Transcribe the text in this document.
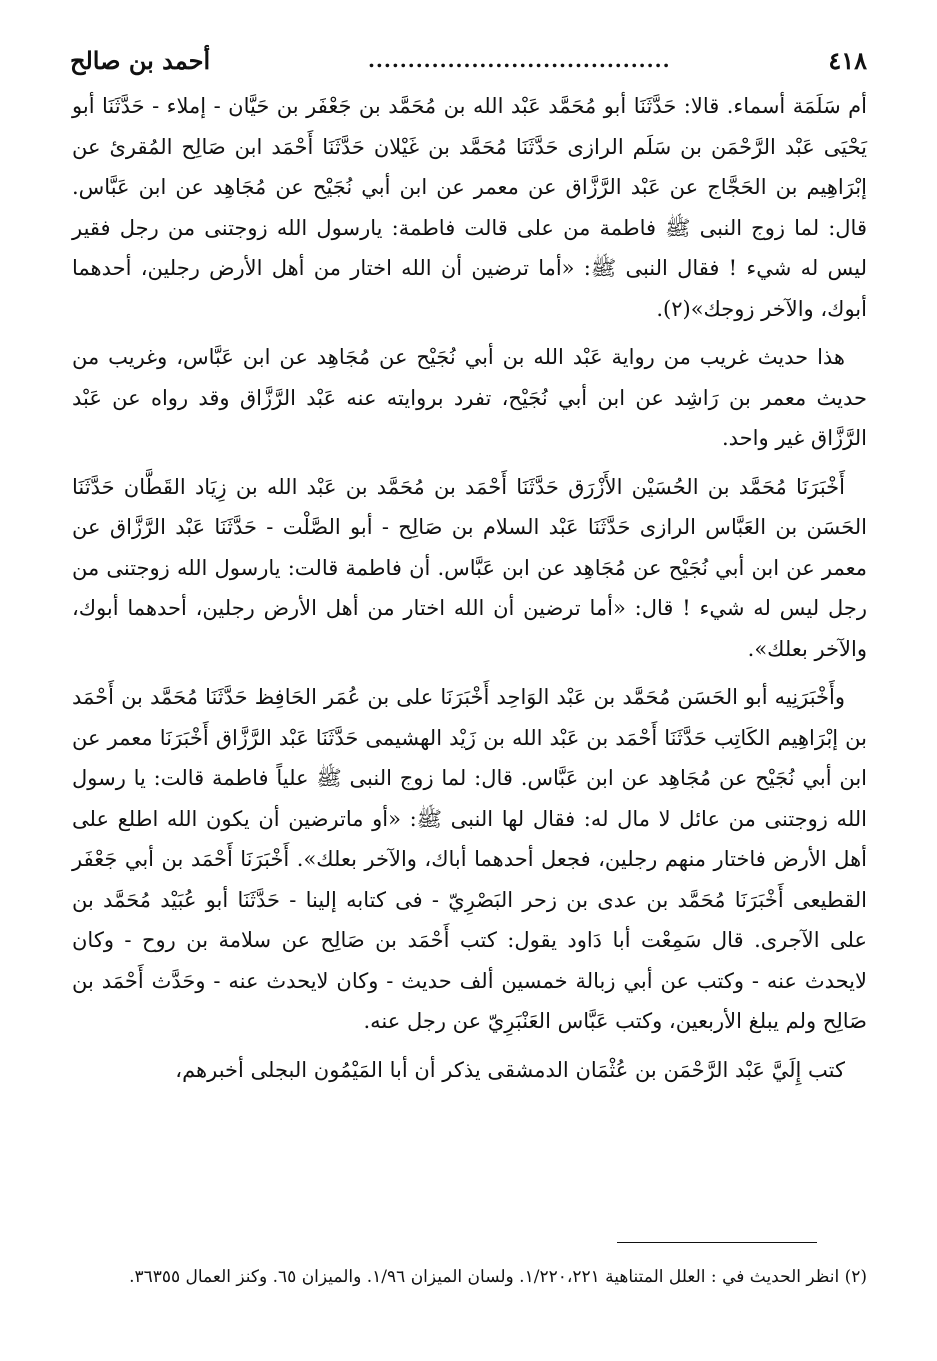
٤١٨
......................................
أحمد بن صالح

أم سَلَمَة أسماء. قالا: حَدَّثَنَا أبو مُحَمَّد عَبْد الله بن مُحَمَّد بن جَعْفَر بن حَيَّان - إملاء - حَدَّثَنَا أبو يَحْيَى عَبْد الرَّحْمَن بن سَلَم الرازى حَدَّثَنَا مُحَمَّد بن غَيْلان حَدَّثَنَا أَحْمَد ابن صَالِح المُقرئ عن إبْرَاهِيم بن الحَجَّاج عن عَبْد الرَّزَّاق عن معمر عن ابن أبي نُجَيْح عن مُجَاهِد عن ابن عَبَّاس. قال: لما زوج النبى ﷺ فاطمة من على قالت فاطمة: يارسول الله زوجتنى من رجل فقير ليس له شيء ! فقال النبى ﷺ: «أما ترضين أن الله اختار من أهل الأرض رجلين، أحدهما أبوك، والآخر زوجك»(٢).

هذا حديث غريب من رواية عَبْد الله بن أبي نُجَيْح عن مُجَاهِد عن ابن عَبَّاس، وغريب من حديث معمر بن رَاشِد عن ابن أبي نُجَيْح، تفرد بروايته عنه عَبْد الرَّزَّاق وقد رواه عن عَبْد الرَّزَّاق غير واحد.

أَخْبَرَنَا مُحَمَّد بن الحُسَيْن الأَزْرَق حَدَّثَنَا أَحْمَد بن مُحَمَّد بن عَبْد الله بن زِيَاد القَطَّان حَدَّثَنَا الحَسَن بن العَبَّاس الرازى حَدَّثَنَا عَبْد السلام بن صَالِح - أبو الصَّلْت - حَدَّثَنَا عَبْد الرَّزَّاق عن معمر عن ابن أبي نُجَيْح عن مُجَاهِد عن ابن عَبَّاس. أن فاطمة قالت: يارسول الله زوجتنى من رجل ليس له شيء ! قال: «أما ترضين أن الله اختار من أهل الأرض رجلين، أحدهما أبوك، والآخر بعلك».

وأَخْبَرَنِيه أبو الحَسَن مُحَمَّد بن عَبْد الوَاحِد أَخْبَرَنَا على بن عُمَر الحَافِظ حَدَّثَنَا مُحَمَّد بن أَحْمَد بن إبْرَاهِيم الكَاتِب حَدَّثَنَا أَحْمَد بن عَبْد الله بن زَيْد الهشيمى حَدَّثَنَا عَبْد الرَّزَّاق أَخْبَرَنَا معمر عن ابن أبي نُجَيْح عن مُجَاهِد عن ابن عَبَّاس. قال: لما زوج النبى ﷺ علياً فاطمة قالت: يا رسول الله زوجتنى من عائل لا مال له: فقال لها النبى ﷺ: «أو ماترضين أن يكون الله اطلع على أهل الأرض فاختار منهم رجلين، فجعل أحدهما أباك، والآخر بعلك». أَخْبَرَنَا أَحْمَد بن أبي جَعْفَر القطيعى أَخْبَرَنَا مُحَمَّد بن عدى بن زحر البَصْرِيّ - فى كتابه إلينا - حَدَّثَنَا أبو عُبَيْد مُحَمَّد بن على الآجرى. قال سَمِعْت أبا دَاود يقول: كتب أَحْمَد بن صَالِح عن سلامة بن روح - وكان لايحدث عنه - وكتب عن أبي زبالة خمسين ألف حديث - وكان لايحدث عنه - وحَدَّث أَحْمَد بن صَالِح ولم يبلغ الأربعين، وكتب عَبَّاس العَنْبَرِيّ عن رجل عنه.

كتب إِلَيَّ عَبْد الرَّحْمَن بن عُثْمَان الدمشقى يذكر أن أبا المَيْمُون البجلى أخبرهم،

(٢) انظر الحديث في : العلل المتناهية ١/٢٢٠،٢٢١. ولسان الميزان ١/٩٦. والميزان ٦٥. وكنز العمال ٣٦٣٥٥.
